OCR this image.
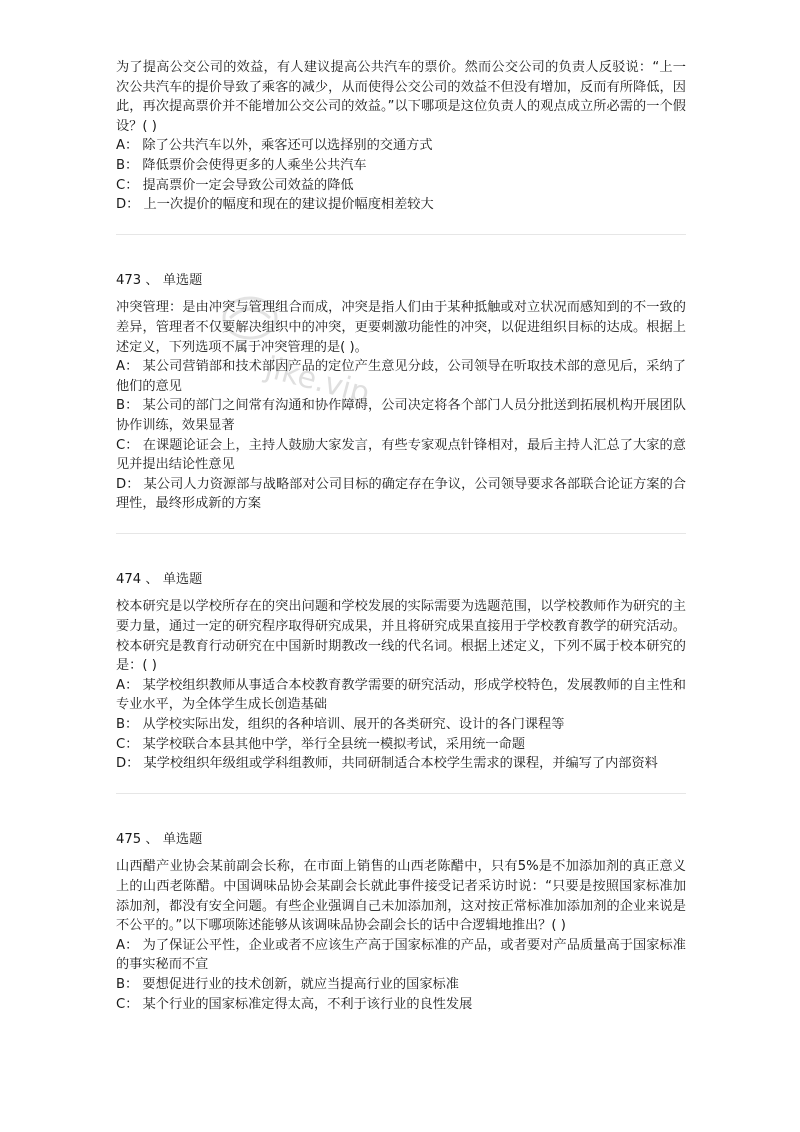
为了提高公交公司的效益，有人建议提高公共汽车的票价。然而公交公司的负责人反驳说：“上一次公共汽车的提价导致了乘客的减少，从而使得公交公司的效益不但没有增加，反而有所降低，因此，再次提高票价并不能增加公交公司的效益。”以下哪项是这位负责人的观点成立所必需的一个假设？( )

A： 除了公共汽车以外，乘客还可以选择别的交通方式

B： 降低票价会使得更多的人乘坐公共汽车

C： 提高票价一定会导致公司效益的降低

D： 上一次提价的幅度和现在的建议提价幅度相差较大

473 、 单选题

冲突管理：是由冲突与管理组合而成，冲突是指人们由于某种抵触或对立状况而感知到的不一致的差异，管理者不仅要解决组织中的冲突，更要刺激功能性的冲突，以促进组织目标的达成。根据上述定义，下列选项不属于冲突管理的是( )。

A： 某公司营销部和技术部因产品的定位产生意见分歧，公司领导在听取技术部的意见后，采纳了他们的意见

B： 某公司的部门之间常有沟通和协作障碍，公司决定将各个部门人员分批送到拓展机构开展团队协作训练，效果显著

C： 在课题论证会上，主持人鼓励大家发言，有些专家观点针锋相对，最后主持人汇总了大家的意见并提出结论性意见

D： 某公司人力资源部与战略部对公司目标的确定存在争议，公司领导要求各部联合论证方案的合理性，最终形成新的方案

474 、 单选题

校本研究是以学校所存在的突出问题和学校发展的实际需要为选题范围，以学校教师作为研究的主要力量，通过一定的研究程序取得研究成果，并且将研究成果直接用于学校教育教学的研究活动。校本研究是教育行动研究在中国新时期教改一线的代名词。根据上述定义，下列不属于校本研究的是：( )

A： 某学校组织教师从事适合本校教育教学需要的研究活动，形成学校特色，发展教师的自主性和专业水平，为全体学生成长创造基础

B： 从学校实际出发，组织的各种培训、展开的各类研究、设计的各门课程等

C： 某学校联合本县其他中学，举行全县统一模拟考试，采用统一命题

D： 某学校组织年级组或学科组教师，共同研制适合本校学生需求的课程，并编写了内部资料

475 、 单选题

山西醋产业协会某前副会长称，在市面上销售的山西老陈醋中，只有5%是不加添加剂的真正意义上的山西老陈醋。中国调味品协会某副会长就此事件接受记者采访时说：“只要是按照国家标准加添加剂，都没有安全问题。有些企业强调自己未加添加剂，这对按正常标准加添加剂的企业来说是不公平的。”以下哪项陈述能够从该调味品协会副会长的话中合逻辑地推出？( )

A： 为了保证公平性，企业或者不应该生产高于国家标准的产品，或者要对产品质量高于国家标准的事实秘而不宣

B： 要想促进行业的技术创新，就应当提高行业的国家标准

C： 某个行业的国家标准定得太高，不利于该行业的良性发展

jike.vip
